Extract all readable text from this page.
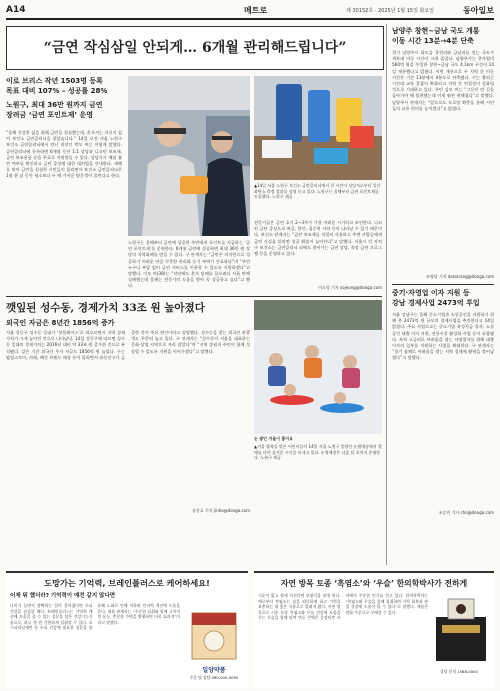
A14	메트로	제 30152호 · 2025년 1월 15일 화요일	동아일보
“금연 작심삼일 안되게… 6개월 관리해드립니다”
이로 브리스 작년 1503명 등록
목표 대비 107% – 성공률 28%
노원구, 최대 36만 원까지 금연
장려금 ‘금연 포인트제’ 운영
“올해 건강한 삶을 위해 금연을 결심했는데, 혼자서는 자신이 없어 보건소 금연클리닉을 찾았습니다.” 14일 오전 서울 노원구 보건소 금연클리닉에서 만난 직장인 박모 씨는 이렇게 말했다. 금연클리닉에 등록하면 6개월 동안 1:1 상담과 니코틴 보조제, 금연 보조용품 등을 무료로 지원받을 수 있다. 상담사가 매달 흡연 여부를 확인하고 금단 증상에 대한 대처법을 안내한다. 새해를 맞아 금연을 결심한 시민들이 몰리면서 보건소 금연클리닉은 1월 한 달 동안 평소보다 두 배 가까운 방문객이 몰린다고 한다.
▲14일 서울 노원구 보건소 금연클리닉에서 한 시민이 상담사로부터 일산화탄소 측정 결과를 설명 듣고 있다. 노원구는 올해부터 금연 포인트제를 도입했다. 노원구 제공
노원구는 올해부터 금연에 성공한 주민에게 포인트를 지급하는 ‘금연 포인트제’를 운영한다. 6개월 금연에 성공하면 최대 36만 원 상당의 지역화폐를 받을 수 있다. 구 관계자는 “금연은 의지만으로 성공하기 어려운 만큼 꾸준한 관리와 동기 부여가 중요하다”며 “주민 누구나 부담 없이 금연 서비스를 이용할 수 있도록 지원하겠다”고 말했다. 이모 씨(38)는 “작년에도 혼자 담배를 끊으려다 사흘 만에 실패했는데 올해는 전문가의 도움을 받아 꼭 성공하고 싶다”고 했다.
전문가들은 금연 초기 2~3주가 가장 어려운 시기라고 조언한다. 니코틴 금단 증상으로 짜증, 불안, 집중력 저하 등이 나타날 수 있기 때문이다. 보건소 관계자는 “금연 보조제를 적절히 사용하고 주변 사람들에게 금연 사실을 알리면 성공 확률이 높아진다”고 말했다. 서울시 각 자치구 보건소는 금연클리닉 외에도 찾아가는 금연 상담, 직장 금연 프로그램 등을 운영하고 있다.
이소정 기자 sojeong@donga.com
깻잎된 성수동, 경제가치 33조 원 높아졌다
외국인 자금은 8년간 1856억 증가
서울 성동구 성수동 일대가 ‘핫플레이스’로 떠오르면서 지역 경제가치가 크게 높아진 것으로 나타났다. 14일 성동구에 따르면 성수동 일대의 경제가치는 2016년 대비 약 33조 원 증가한 것으로 분석됐다. 같은 기간 외국인 투자 자금도 1856억 원 늘었다. 구는 팝업스토어, 카페, 패션 브랜드 매장 등이 몰리면서 유동인구가 급증한 것이 주요 원인이라고 설명했다. 성수동을 찾는 외국인 관광객도 꾸준히 늘고 있다. 구 관계자는 “성수동이 서울을 대표하는 문화·상업 지역으로 자리 잡았다”며 “지역 상권과 주민이 함께 성장할 수 있도록 지원을 이어가겠다”고 말했다.
송진호 기자 jinho@donga.com
눈 쌓인 겨울이 좋아요
▲겨울 방학을 맞은 어린이들이 14일 서울 노원구 불암산 눈썰매장에서 썰매를 타며 즐거운 시간을 보내고 있다. 눈썰매장은 다음 달 초까지 운영한다. 노원구 제공
남양주 창현~금남 국도 개통
이동 시간 13분→4분 단축
경기 남양주시 화도읍 창현리와 금남리를 잇는 국도가 개통돼 이동 시간이 크게 줄었다. 남양주시는 총사업비 560억 원을 투입한 창현~금남 국도 4.1km 구간이 14일 개통했다고 밝혔다. 이번 개통으로 두 지역 간 이동 시간은 기존 13분에서 4분으로 단축됐다. 시는 출퇴근 시간대 교통 혼잡이 완화되고 지역 간 연결성이 강화될 것으로 기대하고 있다. 주민 김모 씨는 “그동안 먼 길을 돌아가야 해 불편했는데 이제 훨씬 편해졌다”고 말했다. 남양주시 관계자는 “앞으로도 도로망 확충을 통해 시민들의 교통 편의를 높이겠다”고 밝혔다.
조영달 기자 dalsarang@donga.com
중기·자영업 이자 지원 등
강남 경제사업 2473억 투입
서울 강남구는 올해 중소기업과 소상공인을 지원하기 위해 총 2473억 원 규모의 경제사업을 추진한다고 14일 밝혔다. 주요 사업으로는 중소기업 육성자금 융자, 소상공인 대출 이자 지원, 전통시장 활성화 사업 등이 포함됐다. 특히 고금리로 어려움을 겪는 자영업자를 위해 대출 이자의 일부를 지원하는 사업을 확대한다. 구 관계자는 “경기 침체로 어려움을 겪는 지역 경제에 활력을 불어넣겠다”고 말했다.
조승연 기자 cho@donga.com
도망가는 기억력, 브레인플러스로 케어하세요!
어제 뭐 했더라? 기억력이 예전 같지 않다면
나이가 들면서 깜빡하는 일이 잦아졌다면 두뇌 건강을 점검할 때다. 브레인플러스는 기억력 개선에 도움을 줄 수 있는 성분을 담은 건강기능식품으로, 하루 한 번 간편하게 섭취할 수 있다. 포스파티딜세린 등 두뇌 건강에 필요한 성분을 함유해 노화로 인해 저하된 인지력 개선에 도움을 준다. 제품 관계자는 “꾸준한 섭취와 함께 규칙적인 운동, 충분한 수면을 병행하면 더욱 효과적”이라고 말했다.
일양약품
주문 및 상담 080-000-0000
자연 방목 토종 ‘흑염소’와 ‘우슬’ 한의학박사가 전하게
기운이 없고 쉽게 지친다면 보양식을 찾게 된다. 예로부터 흑염소는 몸을 따뜻하게 하고 기력을 보충하는 데 좋은 식품으로 알려져 왔다. 자연 방목으로 키운 토종 흑염소와 무릎 건강에 도움을 주는 우슬을 함께 달여 만든 진액은 중장년층 사이에서 꾸준한 인기를 얻고 있다. 한의학박사는 “흑염소와 우슬을 함께 섭취하면 기력 회복과 관절 건강에 도움이 될 수 있다”고 말했다. 제품은 전화 주문으로 구매할 수 있다.
상담 문의 1588-0000
